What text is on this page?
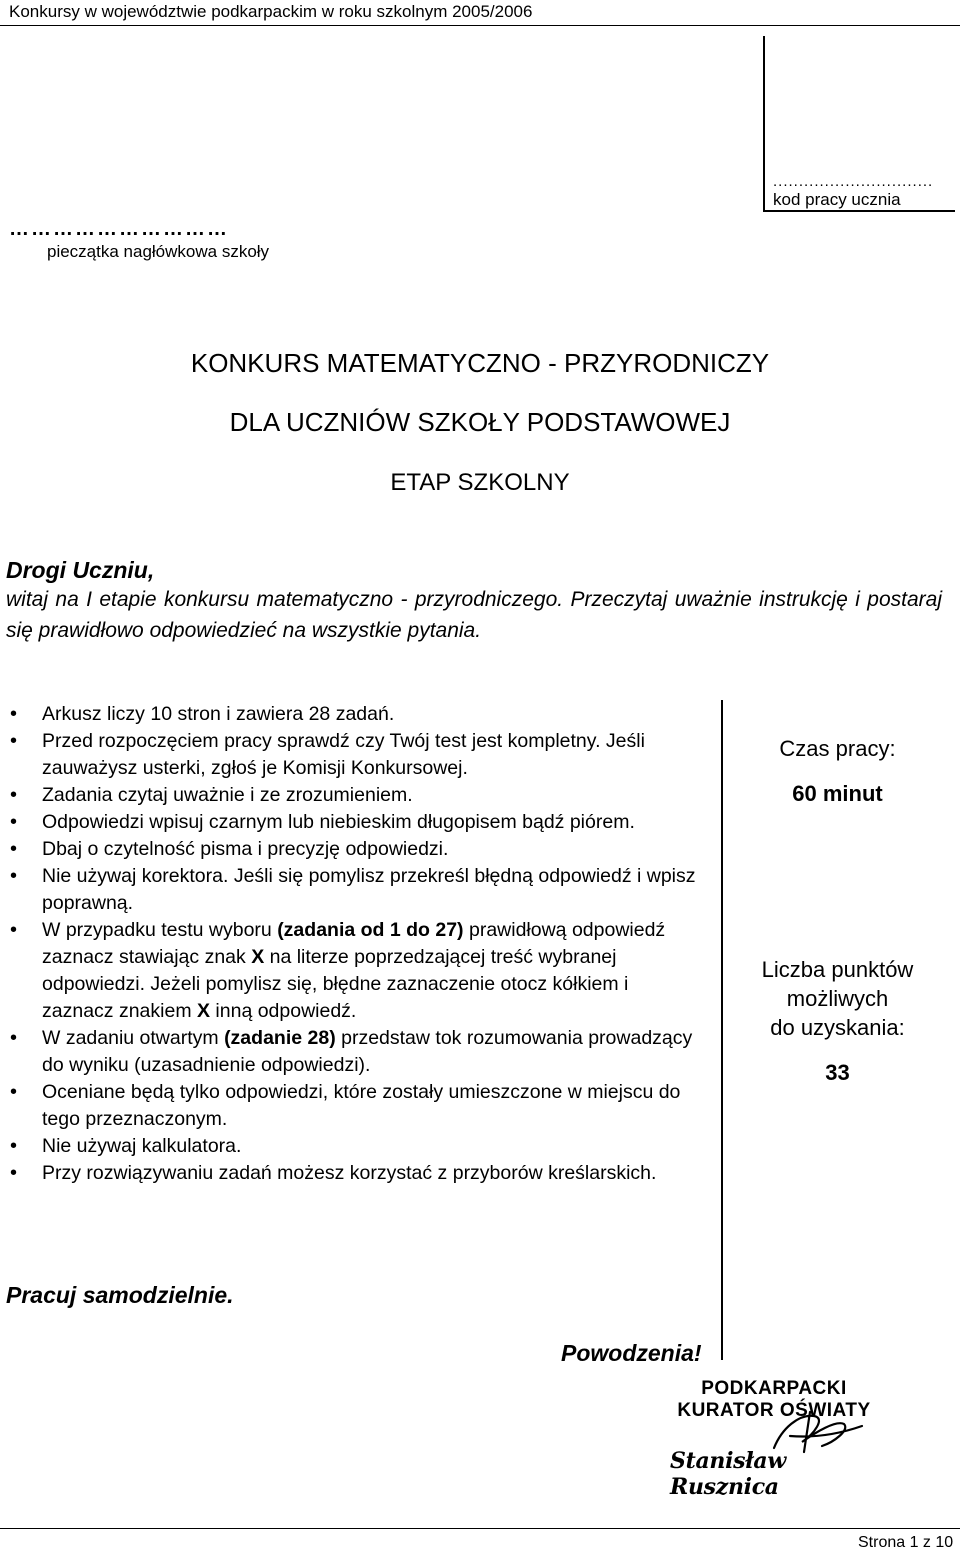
Konkursy w województwie podkarpackim w roku szkolnym 2005/2006
...............................
kod pracy ucznia
…………………………
pieczątka nagłówkowa szkoły
KONKURS MATEMATYCZNO - PRZYRODNICZY
DLA UCZNIÓW SZKOŁY PODSTAWOWEJ
ETAP SZKOLNY
Drogi Uczniu,
witaj na I etapie konkursu matematyczno - przyrodniczego. Przeczytaj uważnie instrukcję i postaraj się prawidłowo odpowiedzieć na wszystkie pytania.
• Arkusz liczy 10 stron i zawiera 28 zadań.
• Przed rozpoczęciem pracy sprawdź czy Twój test jest kompletny. Jeśli zauważysz usterki, zgłoś je Komisji Konkursowej.
• Zadania czytaj uważnie i ze zrozumieniem.
• Odpowiedzi wpisuj czarnym lub niebieskim długopisem bądź piórem.
• Dbaj o czytelność pisma i precyzję odpowiedzi.
• Nie używaj korektora. Jeśli się pomylisz przekreśl błędną odpowiedź i wpisz poprawną.
• W przypadku testu wyboru (zadania od 1 do 27) prawidłową odpowiedź zaznacz stawiając znak X na literze poprzedzającej treść wybranej odpowiedzi. Jeżeli pomylisz się, błędne zaznaczenie otocz kółkiem i zaznacz znakiem X inną odpowiedź.
• W zadaniu otwartym (zadanie 28) przedstaw tok rozumowania prowadzący do wyniku (uzasadnienie odpowiedzi).
• Oceniane będą tylko odpowiedzi, które zostały umieszczone w miejscu do tego przeznaczonym.
• Nie używaj kalkulatora.
• Przy rozwiązywaniu zadań możesz korzystać z przyborów kreślarskich.
Czas pracy:
60 minut
Liczba punktów
możliwych
do uzyskania:
33
Pracuj samodzielnie.
Powodzenia!
PODKARPACKI
KURATOR OŚWIATY
Stanisław Rusznica
Strona 1 z 10
